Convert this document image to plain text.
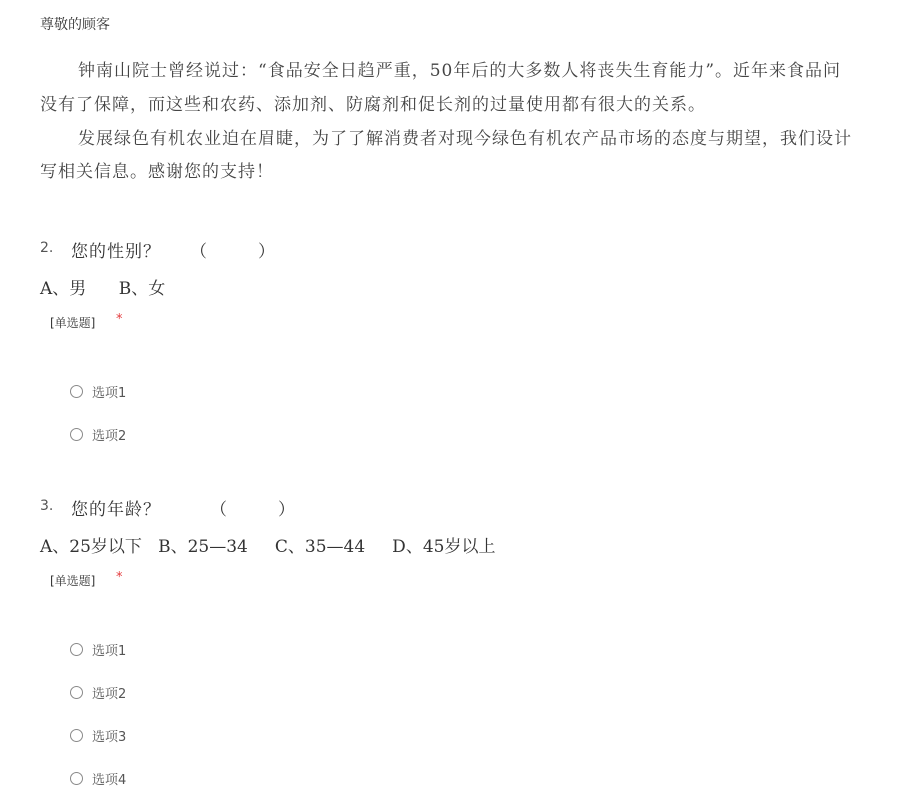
尊敬的顾客
钟南山院士曾经说过：“食品安全日趋严重，50年后的大多数人将丧失生育能力”。近年来食品问
没有了保障，而这些和农药、添加剂、防腐剂和促长剂的过量使用都有很大的关系。
发展绿色有机农业迫在眉睫，为了了解消费者对现今绿色有机农产品市场的态度与期望，我们设计
写相关信息。感谢您的支持！
2. 您的性别？ （	）
A、男      B、女
[单选题] *
选项1
选项2
3. 您的年龄？	（	）
A、25岁以下   B、25—34     C、35—44     D、45岁以上
[单选题] *
选项1
选项2
选项3
选项4
